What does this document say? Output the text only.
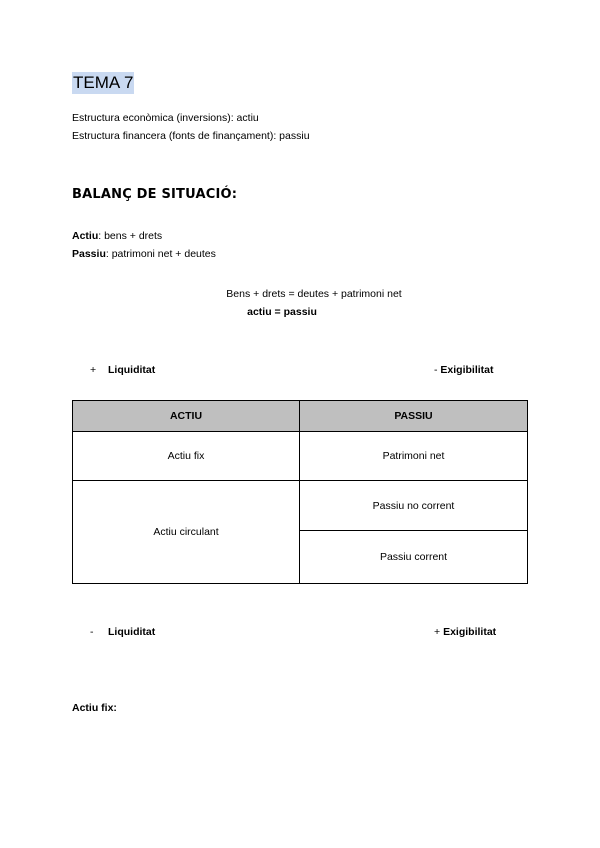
TEMA 7
Estructura econòmica (inversions): actiu
Estructura financera (fonts de finançament): passiu
BALANÇ DE SITUACIÓ:
Actiu: bens + drets
Passiu: patrimoni net + deutes
Bens + drets = deutes + patrimoni net
actiu = passiu
+ Liquiditat	- Exigibilitat
ACTIU	PASSIU
Actiu fix	Patrimoni net
Actiu circulant	
	Passiu no corrent
	Passiu corrent
- Liquiditat	+ Exigibilitat
Actiu fix:
